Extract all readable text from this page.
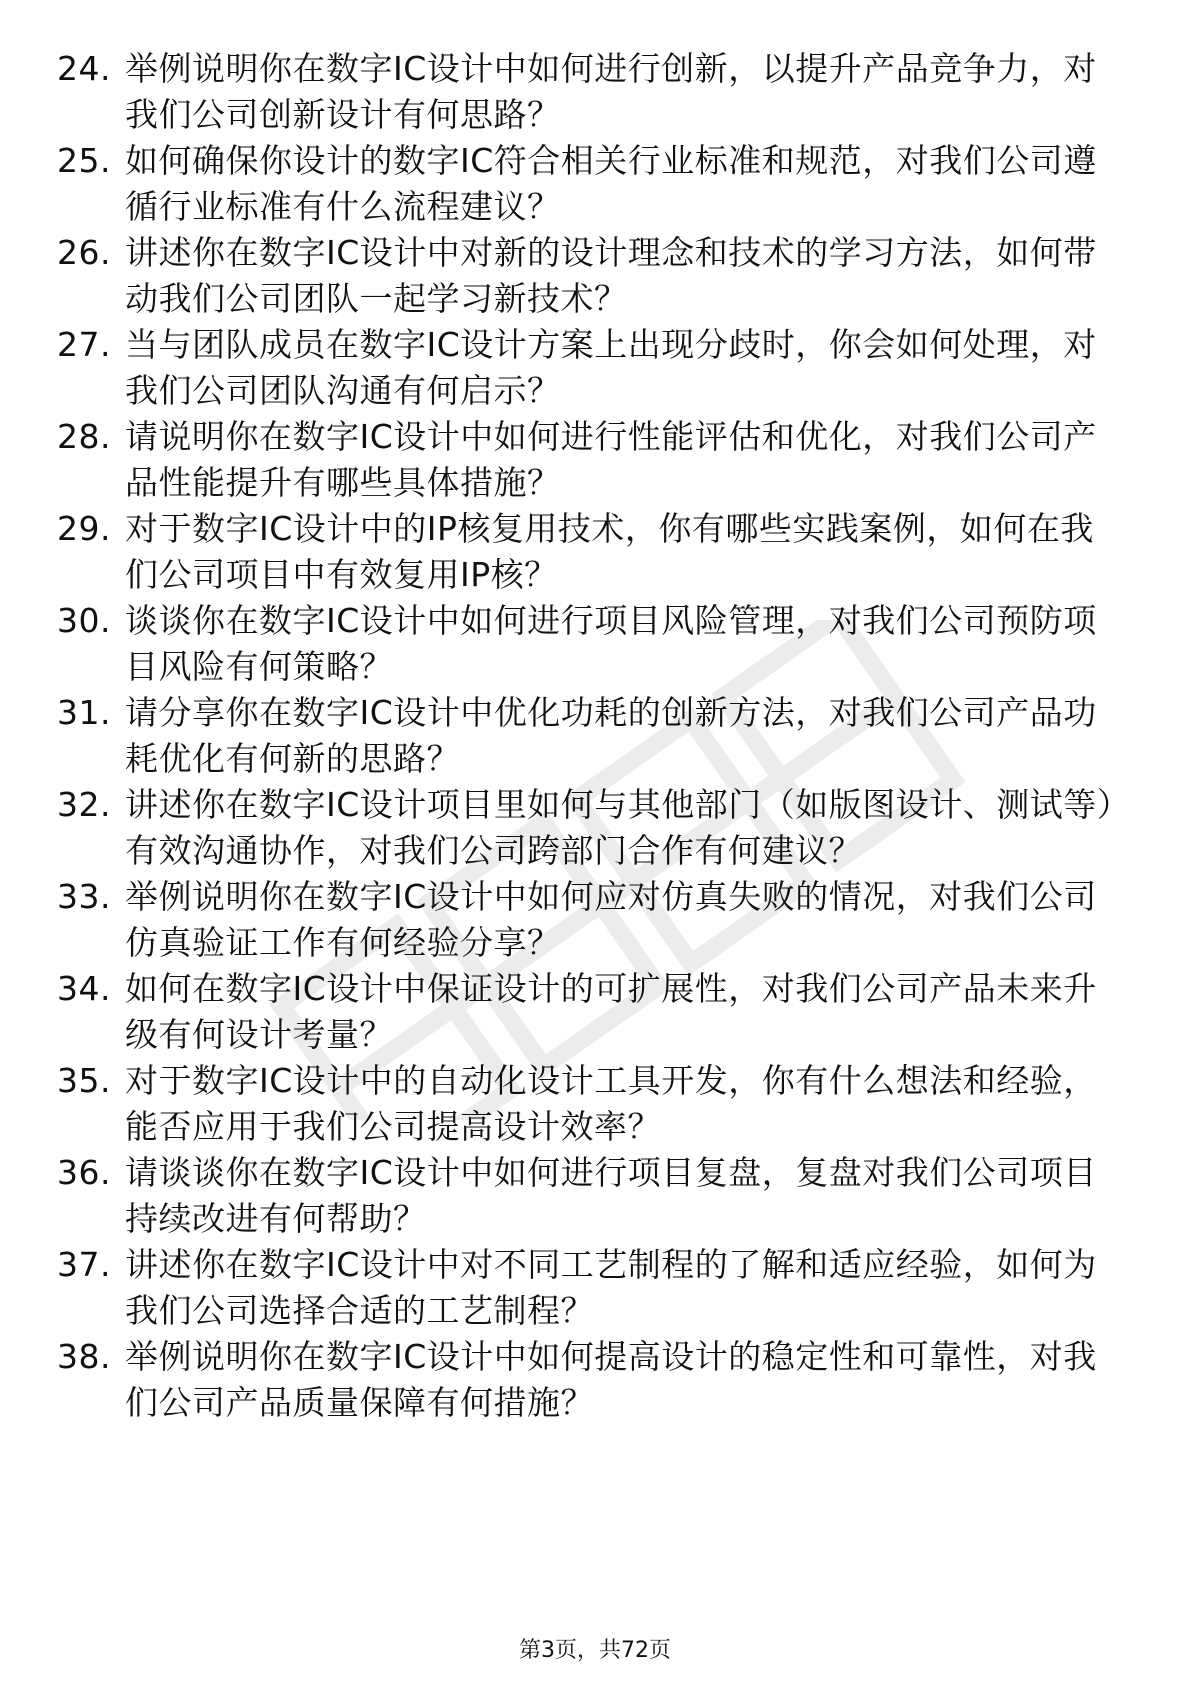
24. 举例说明你在数字IC设计中如何进行创新，以提升产品竞争力，对我们公司创新设计有何思路？
25. 如何确保你设计的数字IC符合相关行业标准和规范，对我们公司遵循行业标准有什么流程建议？
26. 讲述你在数字IC设计中对新的设计理念和技术的学习方法，如何带动我们公司团队一起学习新技术？
27. 当与团队成员在数字IC设计方案上出现分歧时，你会如何处理，对我们公司团队沟通有何启示？
28. 请说明你在数字IC设计中如何进行性能评估和优化，对我们公司产品性能提升有哪些具体措施？
29. 对于数字IC设计中的IP核复用技术，你有哪些实践案例，如何在我们公司项目中有效复用IP核？
30. 谈谈你在数字IC设计中如何进行项目风险管理，对我们公司预防项目风险有何策略？
31. 请分享你在数字IC设计中优化功耗的创新方法，对我们公司产品功耗优化有何新的思路？
32. 讲述你在数字IC设计项目里如何与其他部门（如版图设计、测试等）有效沟通协作，对我们公司跨部门合作有何建议？
33. 举例说明你在数字IC设计中如何应对仿真失败的情况，对我们公司仿真验证工作有何经验分享？
34. 如何在数字IC设计中保证设计的可扩展性，对我们公司产品未来升级有何设计考量？
35. 对于数字IC设计中的自动化设计工具开发，你有什么想法和经验，能否应用于我们公司提高设计效率？
36. 请谈谈你在数字IC设计中如何进行项目复盘，复盘对我们公司项目持续改进有何帮助？
37. 讲述你在数字IC设计中对不同工艺制程的了解和适应经验，如何为我们公司选择合适的工艺制程？
38. 举例说明你在数字IC设计中如何提高设计的稳定性和可靠性，对我们公司产品质量保障有何措施？
第3页，共72页
